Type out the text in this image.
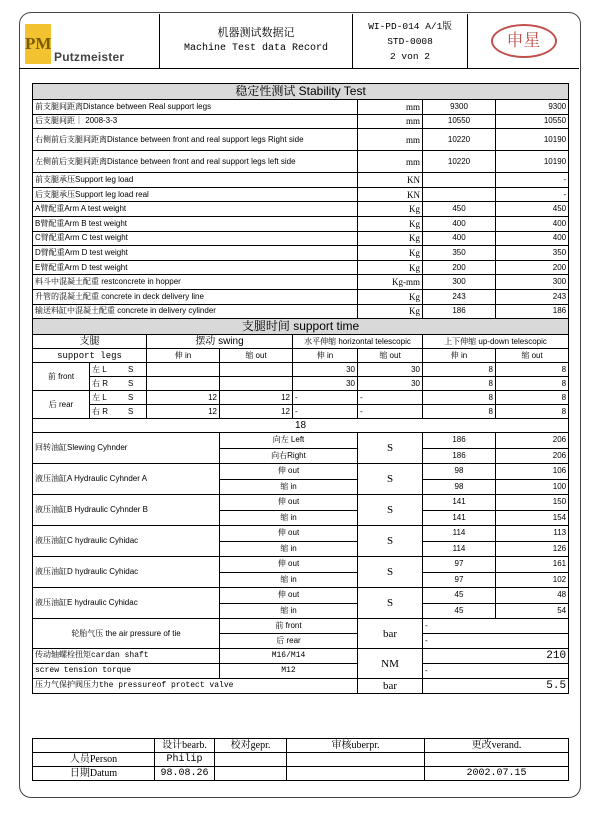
PM
Putzmeister

机器测试数据记
Machine Test data Record

WI-PD-014 A/1版
STD-0008
2 von 2
	申星
稳定性测试 Stability Test							
前支腿间距离Distance between Real support legs					mm	9300	9300
后支腿间距｜ 2008-3-3					mm	10550	10550
右侧前后支腿间距离Distance between front and real support legs Right side					mm	10220	10190
左侧前后支腿间距离Distance between front and real support legs left side					mm	10220	10190
前支腿承压Support leg load					KN		-
后支腿承压Support leg load real					KN		-
A臂配重Arm A test weight					Kg	450	450
B臂配重Arm B test weight					Kg	400	400
C臂配重Arm C test weight					Kg	400	400
D臂配重Arm D test weight					Kg	350	350
E臂配重Arm D test weight					Kg	200	200
料斗中混凝土配重 restconcrete in hopper					Kg-mm	300	300
升管的混凝土配重 concrete in deck delivery line					Kg	243	243
输送料缸中混凝土配重 concrete in delivery cylinder					Kg	186	186
支腿时间 support time							
支腿		摆动 swing		水平伸缩 horizontal telescopic		上下伸缩 up-down telescopic	
support legs		伸 in	缩 out	伸 in	缩 out	伸 in	缩 out
前 front	左 L S			30	30	8	8
	右 R S			30	30	8	8
后 rear	左 L S	12	12	-	-	8	8
	右 R S	12	12	-	-	8	8
18							
回转油缸Slewing Cyhnder			向左 Left		S	186	206
			向右Right			186	206
液压油缸A Hydraulic Cyhnder A			伸 out		S	98	106
			缩 in			98	100
液压油缸B Hydraulic Cyhnder B			伸 out		S	141	150
			缩 in			141	154
液压油缸C hydraulic Cyhidac			伸 out		S	114	113
			缩 in			114	126
液压油缸D hydraulic Cyhidac			伸 out		S	97	161
			缩 in			97	102
液压油缸E hydraulic Cyhidac			伸 out		S	45	48
			缩 in			45	54
轮胎气压 the air pressure of tie			前 front		bar	-	
			后 rear			-	
传动轴螺栓扭矩cardan shaft			M16/M14		NM	210	
screw tension torque			M12			-	
压力气保护阀压力the pressureof protect valve					bar	5.5	
	设计bearb.	校对gepr.	审核uberpr.	更改verand.
人员Person	Philip			
日期Datum	98.08.26			2002.07.15
